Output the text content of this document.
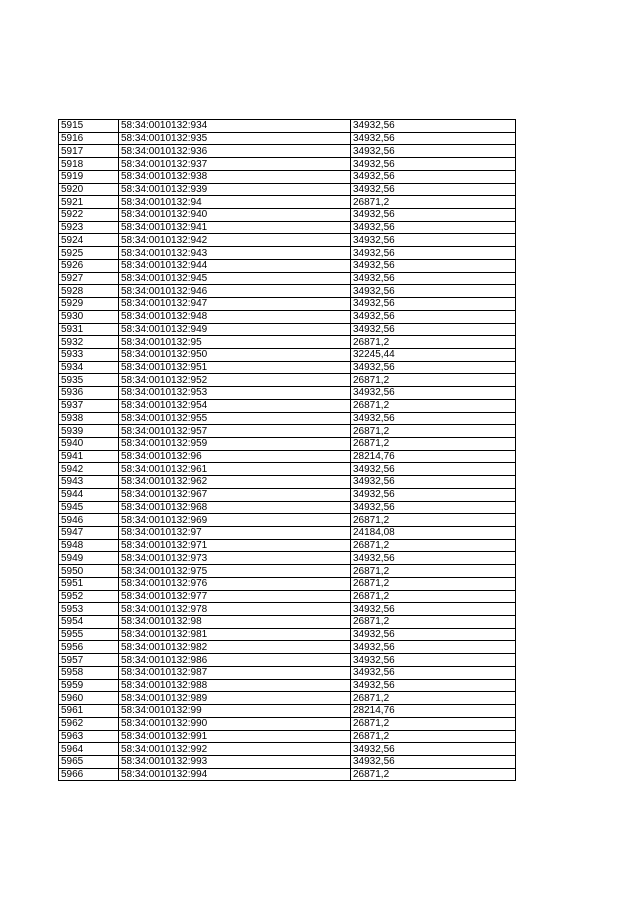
5915	58:34:0010132:934	34932,56
5916	58:34:0010132:935	34932,56
5917	58:34:0010132:936	34932,56
5918	58:34:0010132:937	34932,56
5919	58:34:0010132:938	34932,56
5920	58:34:0010132:939	34932,56
5921	58:34:0010132:94	26871,2
5922	58:34:0010132:940	34932,56
5923	58:34:0010132:941	34932,56
5924	58:34:0010132:942	34932,56
5925	58:34:0010132:943	34932,56
5926	58:34:0010132:944	34932,56
5927	58:34:0010132:945	34932,56
5928	58:34:0010132:946	34932,56
5929	58:34:0010132:947	34932,56
5930	58:34:0010132:948	34932,56
5931	58:34:0010132:949	34932,56
5932	58:34:0010132:95	26871,2
5933	58:34:0010132:950	32245,44
5934	58:34:0010132:951	34932,56
5935	58:34:0010132:952	26871,2
5936	58:34:0010132:953	34932,56
5937	58:34:0010132:954	26871,2
5938	58:34:0010132:955	34932,56
5939	58:34:0010132:957	26871,2
5940	58:34:0010132:959	26871,2
5941	58:34:0010132:96	28214,76
5942	58:34:0010132:961	34932,56
5943	58:34:0010132:962	34932,56
5944	58:34:0010132:967	34932,56
5945	58:34:0010132:968	34932,56
5946	58:34:0010132:969	26871,2
5947	58:34:0010132:97	24184,08
5948	58:34:0010132:971	26871,2
5949	58:34:0010132:973	34932,56
5950	58:34:0010132:975	26871,2
5951	58:34:0010132:976	26871,2
5952	58:34:0010132:977	26871,2
5953	58:34:0010132:978	34932,56
5954	58:34:0010132:98	26871,2
5955	58:34:0010132:981	34932,56
5956	58:34:0010132:982	34932,56
5957	58:34:0010132:986	34932,56
5958	58:34:0010132:987	34932,56
5959	58:34:0010132:988	34932,56
5960	58:34:0010132:989	26871,2
5961	58:34:0010132:99	28214,76
5962	58:34:0010132:990	26871,2
5963	58:34:0010132:991	26871,2
5964	58:34:0010132:992	34932,56
5965	58:34:0010132:993	34932,56
5966	58:34:0010132:994	26871,2
